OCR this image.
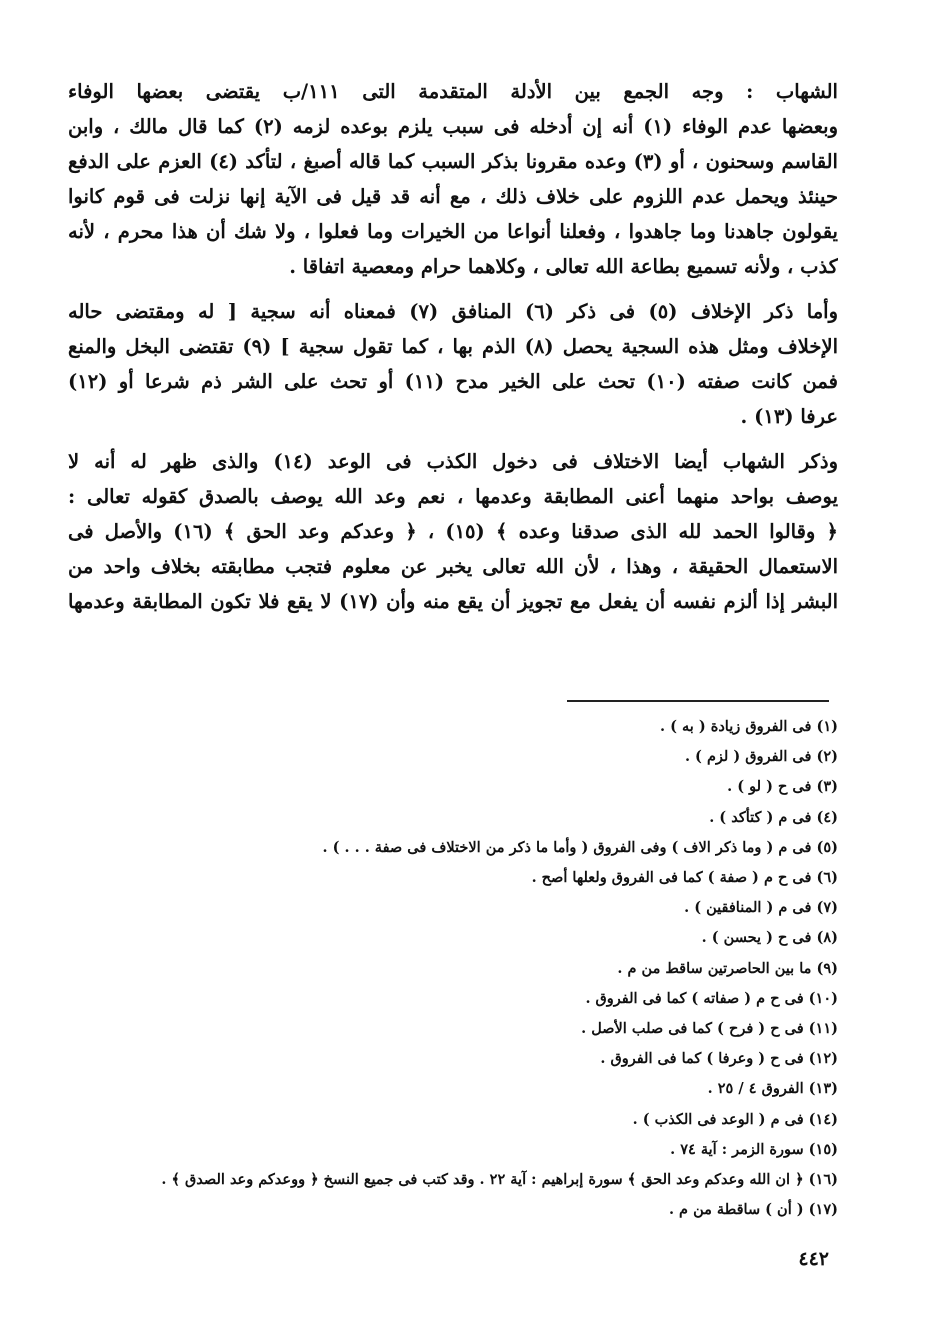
الشهاب : وجه الجمع بين الأدلة المتقدمة التى ١١١/ب يقتضى بعضها الوفاء
وبعضها عدم الوفاء (١) أنه إن أدخله فى سبب يلزم بوعده لزمه (٢) كما قال مالك ، وابن
القاسم وسحنون ، أو (٣) وعده مقرونا بذكر السبب كما قاله أصبغ ، لتأكد (٤) العزم على الدفع
حينئذ ويحمل عدم اللزوم على خلاف ذلك ، مع أنه قد قيل فى الآية إنها نزلت فى قوم كانوا
يقولون جاهدنا وما جاهدوا ، وفعلنا أنواعا من الخيرات وما فعلوا ، ولا شك أن هذا محرم ، لأنه
كذب ، ولأنه تسميع بطاعة الله تعالى ، وكلاهما حرام ومعصية اتفاقا .

وأما ذكر الإخلاف (٥) فى ذكر (٦) المنافق (٧) فمعناه أنه سجية [ له ومقتضى حاله
الإخلاف ومثل هذه السجية يحصل (٨) الذم بها ، كما تقول سجية ] (٩) تقتضى البخل والمنع
فمن كانت صفته (١٠) تحث على الخير مدح (١١) أو تحث على الشر ذم شرعا أو (١٢)
عرفا (١٣) .

وذكر الشهاب أيضا الاختلاف فى دخول الكذب فى الوعد (١٤) والذى ظهر له أنه لا
يوصف بواحد منهما أعنى المطابقة وعدمها ، نعم وعد الله يوصف بالصدق كقوله تعالى :
﴿ وقالوا الحمد لله الذى صدقنا وعده ﴾ (١٥) ، ﴿ وعدكم وعد الحق ﴾ (١٦) والأصل فى
الاستعمال الحقيقة ، وهذا ، لأن الله تعالى يخبر عن معلوم فتجب مطابقته بخلاف واحد من
البشر إذا ألزم نفسه أن يفعل مع تجويز أن يقع منه وأن (١٧) لا يقع فلا تكون المطابقة وعدمها

(١) فى الفروق زيادة ( به ) .
(٢) فى الفروق ( لزم ) .
(٣) فى ح ( لو ) .
(٤) فى م ( كتأكد ) .
(٥) فى م ( وما ذكر الاف ) وفى الفروق ( وأما ما ذكر من الاختلاف فى صفة . . . ) .
(٦) فى ح م ( صفة ) كما فى الفروق ولعلها أصح .
(٧) فى م ( المنافقين ) .
(٨) فى ح ( يحسن ) .
(٩) ما بين الحاصرتين ساقط من م .
(١٠) فى ح م ( صفاته ) كما فى الفروق .
(١١) فى ح ( فرح ) كما فى صلب الأصل .
(١٢) فى ح ( وعرفا ) كما فى الفروق .
(١٣) الفروق ٤ / ٢٥ .
(١٤) فى م ( الوعد فى الكذب ) .
(١٥) سورة الزمر : آية ٧٤ .
(١٦) ﴿ ان الله وعدكم وعد الحق ﴾ سورة إبراهيم : آية ٢٢ . وقد كتب فى جميع النسخ ﴿ ووعدكم وعد الصدق ﴾ .
(١٧) ( أن ) ساقطة من م .
٤٤٢
